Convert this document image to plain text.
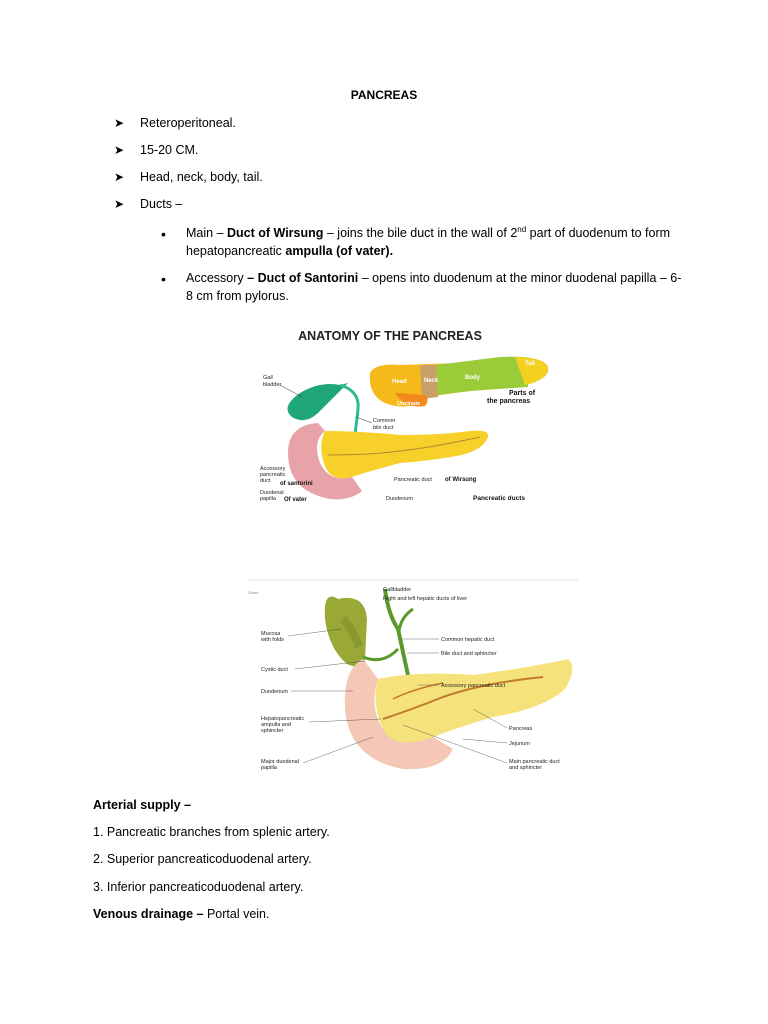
PANCREAS
➤ Reteroperitoneal.
➤ 15-20 CM.
➤ Head, neck, body, tail.
➤ Ducts –
• Main – Duct of Wirsung – joins the bile duct in the wall of 2nd part of duodenum to form hepatopancreatic ampulla (of vater).
• Accessory – Duct of Santorini – opens into duodenum at the minor duodenal papilla – 6-8 cm from pylorus.
ANATOMY OF THE PANCREAS
Head	Neck	Body
Tail
Uncinate
Parts of
the pancreas
Gall
bladder
Common
bile duct
Accessory
pancreatic
duct of santorini
Duodenal
papilla Of vater
Pancreatic duct of Wirsung
Duodenum	Pancreatic ducts
Gives
Mucosa
with folds
Cystic duct
Duodenum
Hepatopancreatic
ampulla and
sphincter
Major duodenal
papilla
Gallbladder
Right and left hepatic ducts of liver
Common hepatic duct
Bile duct and sphincter
Accessory pancreatic duct
Pancreas
Jejunum
Main pancreatic duct
and sphincter
Arterial supply –
1. Pancreatic branches from splenic artery.
2. Superior pancreaticoduodenal artery.
3. Inferior pancreaticoduodenal artery.
Venous drainage – Portal vein.
